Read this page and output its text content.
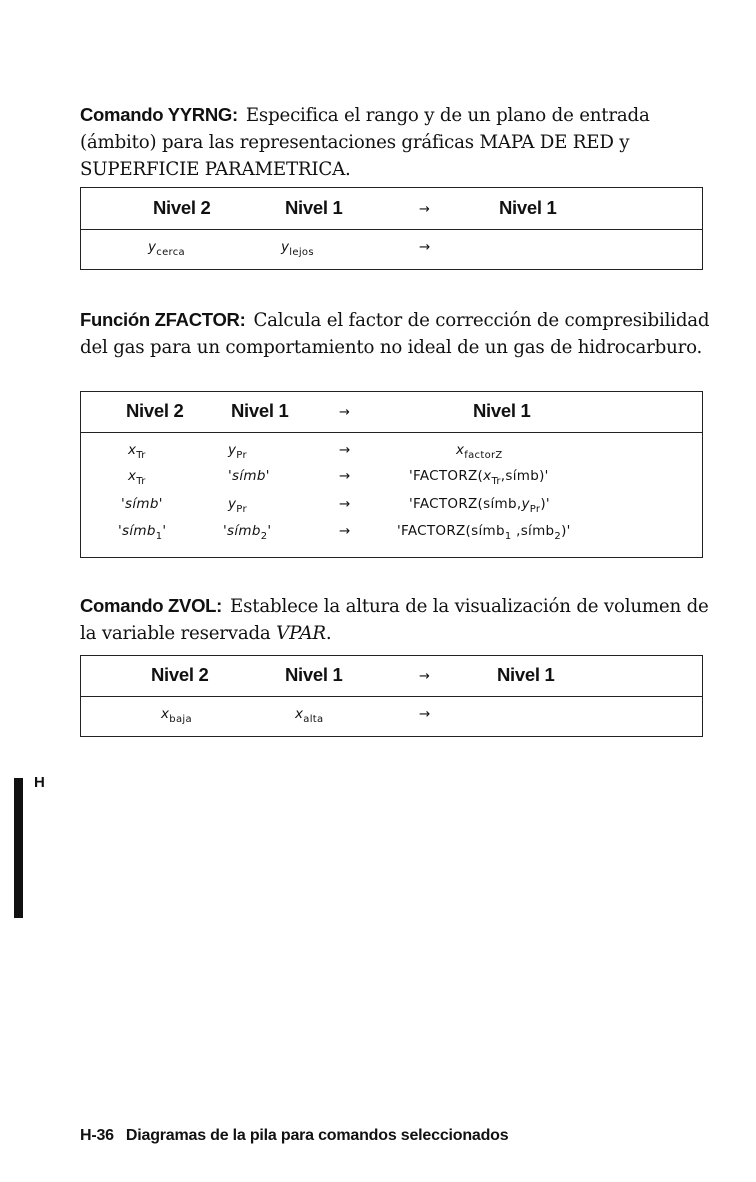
Comando YYRNG: Especifica el rango y de un plano de entrada (ámbito) para las representaciones gráficas MAPA DE RED y SUPERFICIE PARAMETRICA.
Nivel 2	Nivel 1	→	Nivel 1
$y_{cerca}$	$y_{lejos}$	→
Función ZFACTOR: Calcula el factor de corrección de compresibilidad del gas para un comportamiento no ideal de un gas de hidrocarburo.
Nivel 2	Nivel 1	→	Nivel 1
$x_{Tr}$	$y_{Pr}$	→	$x_{factorZ}$
$x_{Tr}$	'símb'	→	'$FACTORZ(x_{Tr},símb)$'
'símb'	$y_{Pr}$	→	'$FACTORZ(símb,y_{Pr})$'
'símb$_1$'	'símb$_2$'	→	'FACTORZ(símb$_1$ ,símb$_2$)'
Comando ZVOL: Establece la altura de la visualización de volumen de la variable reservada VPAR.
Nivel 2	Nivel 1	→	Nivel 1
$x_{baja}$	$x_{alta}$	→
H
H-36 Diagramas de la pila para comandos seleccionados
